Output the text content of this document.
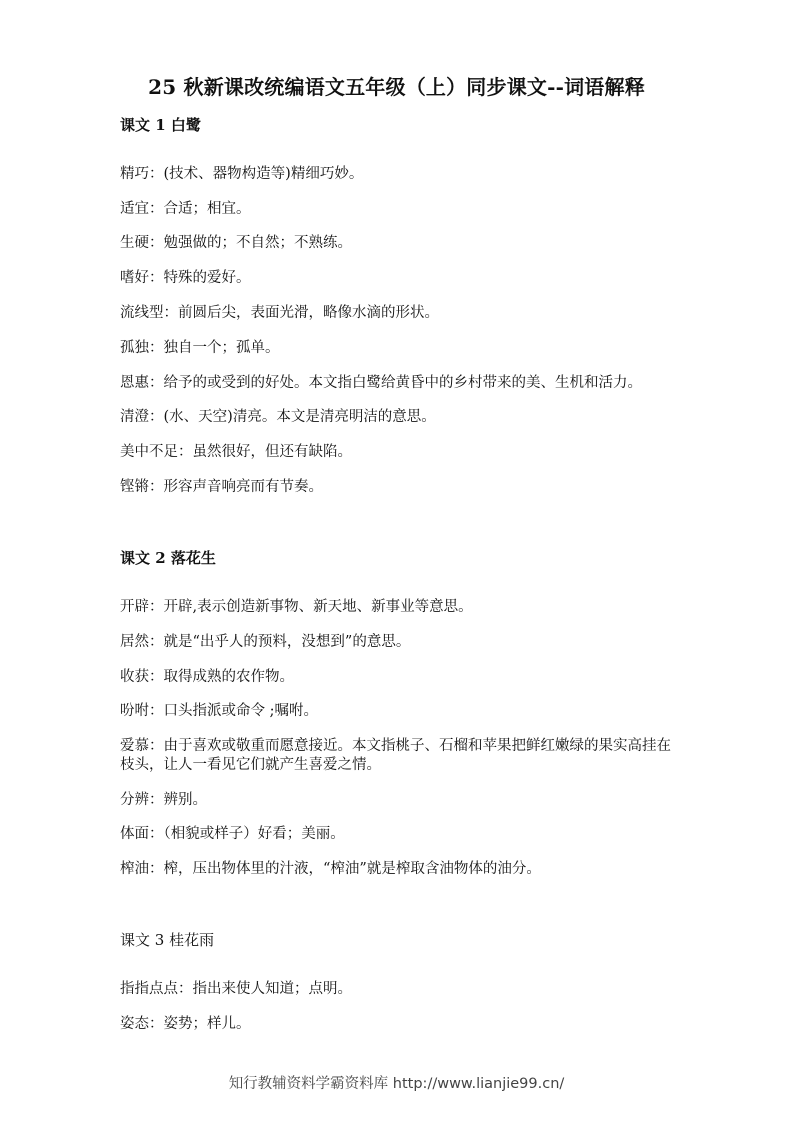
25 秋新课改统编语文五年级（上）同步课文--词语解释
课文 1 白鹭
精巧：(技术、器物构造等)精细巧妙。
适宜：合适；相宜。
生硬：勉强做的；不自然；不熟练。
嗜好：特殊的爱好。
流线型：前圆后尖，表面光滑，略像水滴的形状。
孤独：独自一个；孤单。
恩惠：给予的或受到的好处。本文指白鹭给黄昏中的乡村带来的美、生机和活力。
清澄：(水、天空)清亮。本文是清亮明洁的意思。
美中不足：虽然很好，但还有缺陷。
铿锵：形容声音响亮而有节奏。
课文 2 落花生
开辟：开辟,表示创造新事物、新天地、新事业等意思。
居然：就是“出乎人的预料，没想到”的意思。
收获：取得成熟的农作物。
吩咐：口头指派或命令 ;嘱咐。
爱慕：由于喜欢或敬重而愿意接近。本文指桃子、石榴和苹果把鲜红嫩绿的果实高挂在枝头，让人一看见它们就产生喜爱之情。
分辨：辨别。
体面：（相貌或样子）好看；美丽。
榨油：榨，压出物体里的汁液，“榨油”就是榨取含油物体的油分。
课文 3 桂花雨
指指点点：指出来使人知道；点明。
姿态：姿势；样儿。
知行教辅资料学霸资料库 http://www.lianjie99.cn/
